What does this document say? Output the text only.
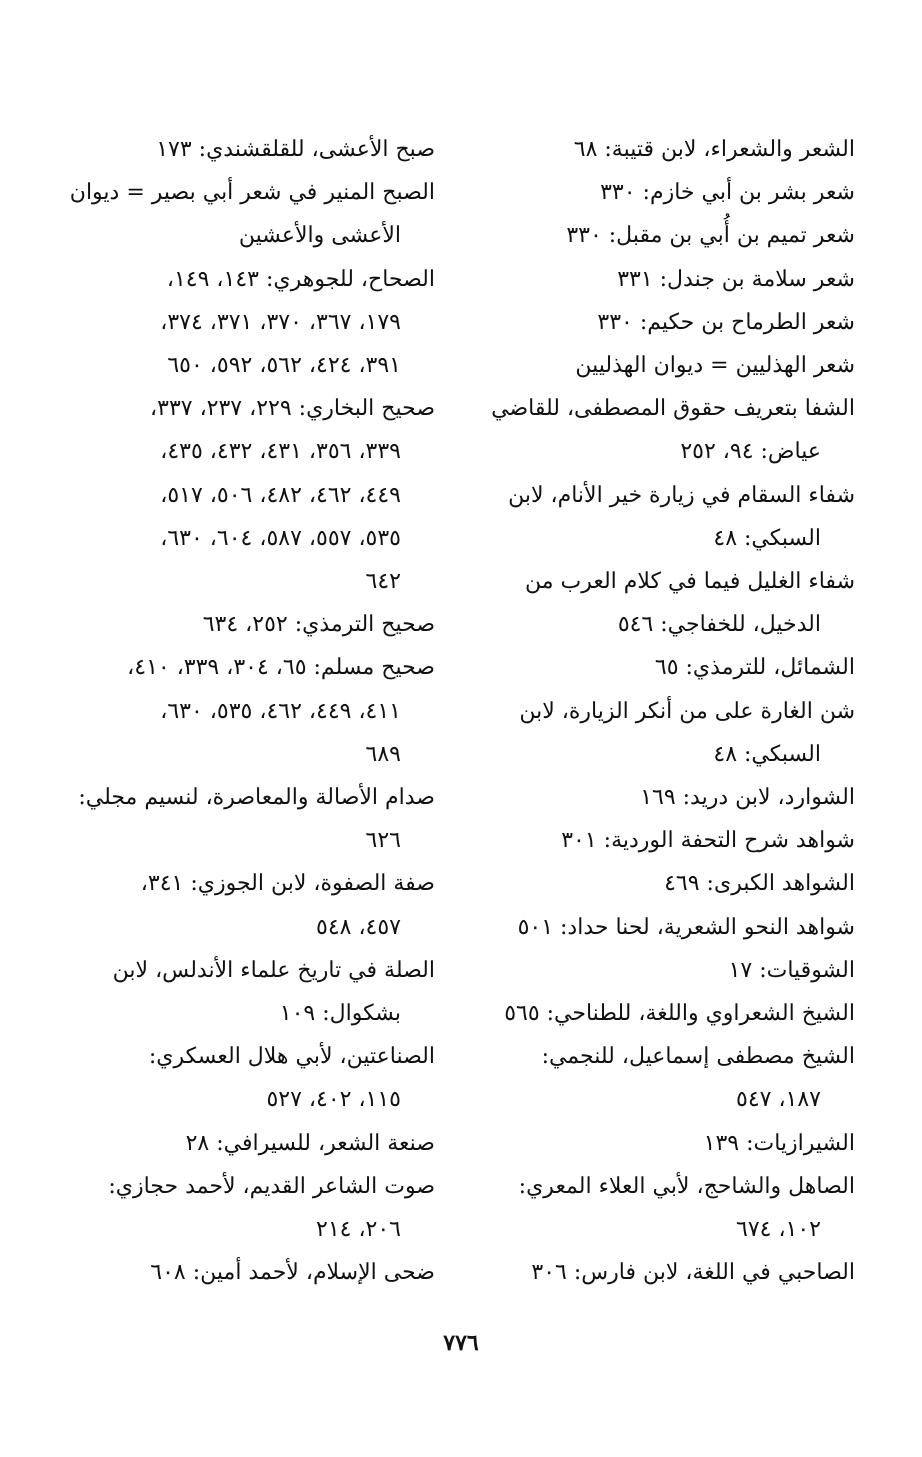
الشعر والشعراء، لابن قتيبة: ٦٨
شعر بشر بن أبي خازم: ٣٣٠
شعر تميم بن أُبي بن مقبل: ٣٣٠
شعر سلامة بن جندل: ٣٣١
شعر الطرماح بن حكيم: ٣٣٠
شعر الهذليين = ديوان الهذليين
الشفا بتعريف حقوق المصطفى، للقاضي
عياض: ٩٤، ٢٥٢
شفاء السقام في زيارة خير الأنام، لابن
السبكي: ٤٨
شفاء الغليل فيما في كلام العرب من
الدخيل، للخفاجي: ٥٤٦
الشمائل، للترمذي: ٦٥
شن الغارة على من أنكر الزيارة، لابن
السبكي: ٤٨
الشوارد، لابن دريد: ١٦٩
شواهد شرح التحفة الوردية: ٣٠١
الشواهد الكبرى: ٤٦٩
شواهد النحو الشعرية، لحنا حداد: ٥٠١
الشوقيات: ١٧
الشيخ الشعراوي واللغة، للطناحي: ٥٦٥
الشيخ مصطفى إسماعيل، للنجمي:
١٨٧، ٥٤٧
الشيرازيات: ١٣٩
الصاهل والشاحج، لأبي العلاء المعري:
١٠٢، ٦٧٤
الصاحبي في اللغة، لابن فارس: ٣٠٦
صبح الأعشى، للقلقشندي: ١٧٣
الصبح المنير في شعر أبي بصير = ديوان
الأعشى والأعشين
الصحاح، للجوهري: ١٤٣، ١٤٩،
١٧٩، ٣٦٧، ٣٧٠، ٣٧١، ٣٧٤،
٣٩١، ٤٢٤، ٥٦٢، ٥٩٢، ٦٥٠
صحيح البخاري: ٢٢٩، ٢٣٧، ٣٣٧،
٣٣٩، ٣٥٦، ٤٣١، ٤٣٢، ٤٣٥،
٤٤٩، ٤٦٢، ٤٨٢، ٥٠٦، ٥١٧،
٥٣٥، ٥٥٧، ٥٨٧، ٦٠٤، ٦٣٠،
٦٤٢
صحيح الترمذي: ٢٥٢، ٦٣٤
صحيح مسلم: ٦٥، ٣٠٤، ٣٣٩، ٤١٠،
٤١١، ٤٤٩، ٤٦٢، ٥٣٥، ٦٣٠،
٦٨٩
صدام الأصالة والمعاصرة، لنسيم مجلي:
٦٢٦
صفة الصفوة، لابن الجوزي: ٣٤١،
٤٥٧، ٥٤٨
الصلة في تاريخ علماء الأندلس، لابن
بشكوال: ١٠٩
الصناعتين، لأبي هلال العسكري:
١١٥، ٤٠٢، ٥٢٧
صنعة الشعر، للسيرافي: ٢٨
صوت الشاعر القديم، لأحمد حجازي:
٢٠٦، ٢١٤
ضحى الإسلام، لأحمد أمين: ٦٠٨
٧٧٦
